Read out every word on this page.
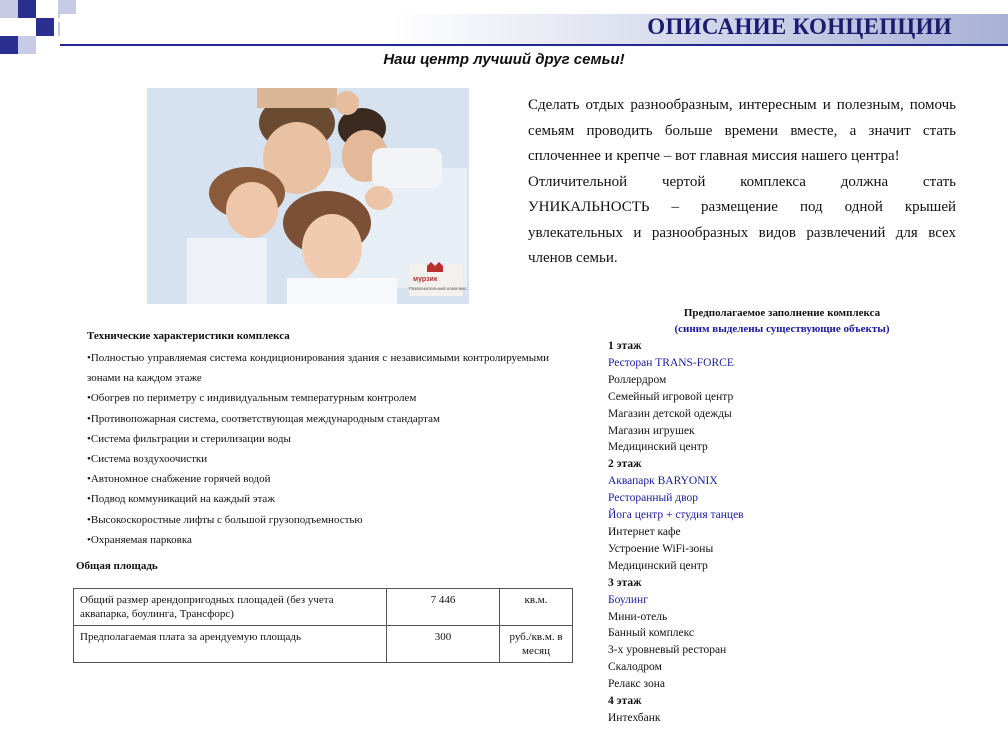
ОПИСАНИЕ КОНЦЕПЦИИ
Наш центр лучший друг семьи!
мурзик
Развлекательный комплекс

Сделать отдых разнообразным, интересным и полезным, помочь семьям проводить больше времени вместе, а значит стать сплоченнее и крепче – вот главная миссия нашего центра!

Отличительной чертой комплекса должна стать УНИКАЛЬНОСТЬ – размещение под одной крышей увлекательных и разнообразных видов развлечений для всех членов семьи.

Технические характеристики комплекса
•Полностью управляемая система кондиционирования здания с независимыми контролируемыми зонами на каждом этаже
•Обогрев по периметру с индивидуальным температурным контролем
•Противопожарная система, соответствующая международным стандартам
•Система фильтрации и стерилизации воды
•Система воздухоочистки
•Автономное снабжение горячей водой
•Подвод коммуникаций на каждый этаж
•Высокоскоростные лифты с большой грузоподъемностью
•Охраняемая парковка
Общая площадь
Общий размер арендопригодных площадей (без учета аквапарка, боулинга, Трансфорс)	7 446	кв.м.
Предполагаемая плата за арендуемую площадь	300	руб./кв.м. в месяц
Предполагаемое заполнение комплекса
(синим выделены существующие объекты)
1 этаж
Ресторан TRANS-FORCE
Роллердром
Семейный игровой центр
Магазин детской одежды
Магазин игрушек
Медицинский центр
2 этаж
Аквапарк BARYONIX
Ресторанный двор
Йога центр + студия танцев
Интернет кафе
Устроение WiFi-зоны
Медицинский центр
3 этаж
Боулинг
Мини-отель
Банный комплекс
3-х уровневый ресторан
Скалодром
Релакс зона
4 этаж
Интехбанк
